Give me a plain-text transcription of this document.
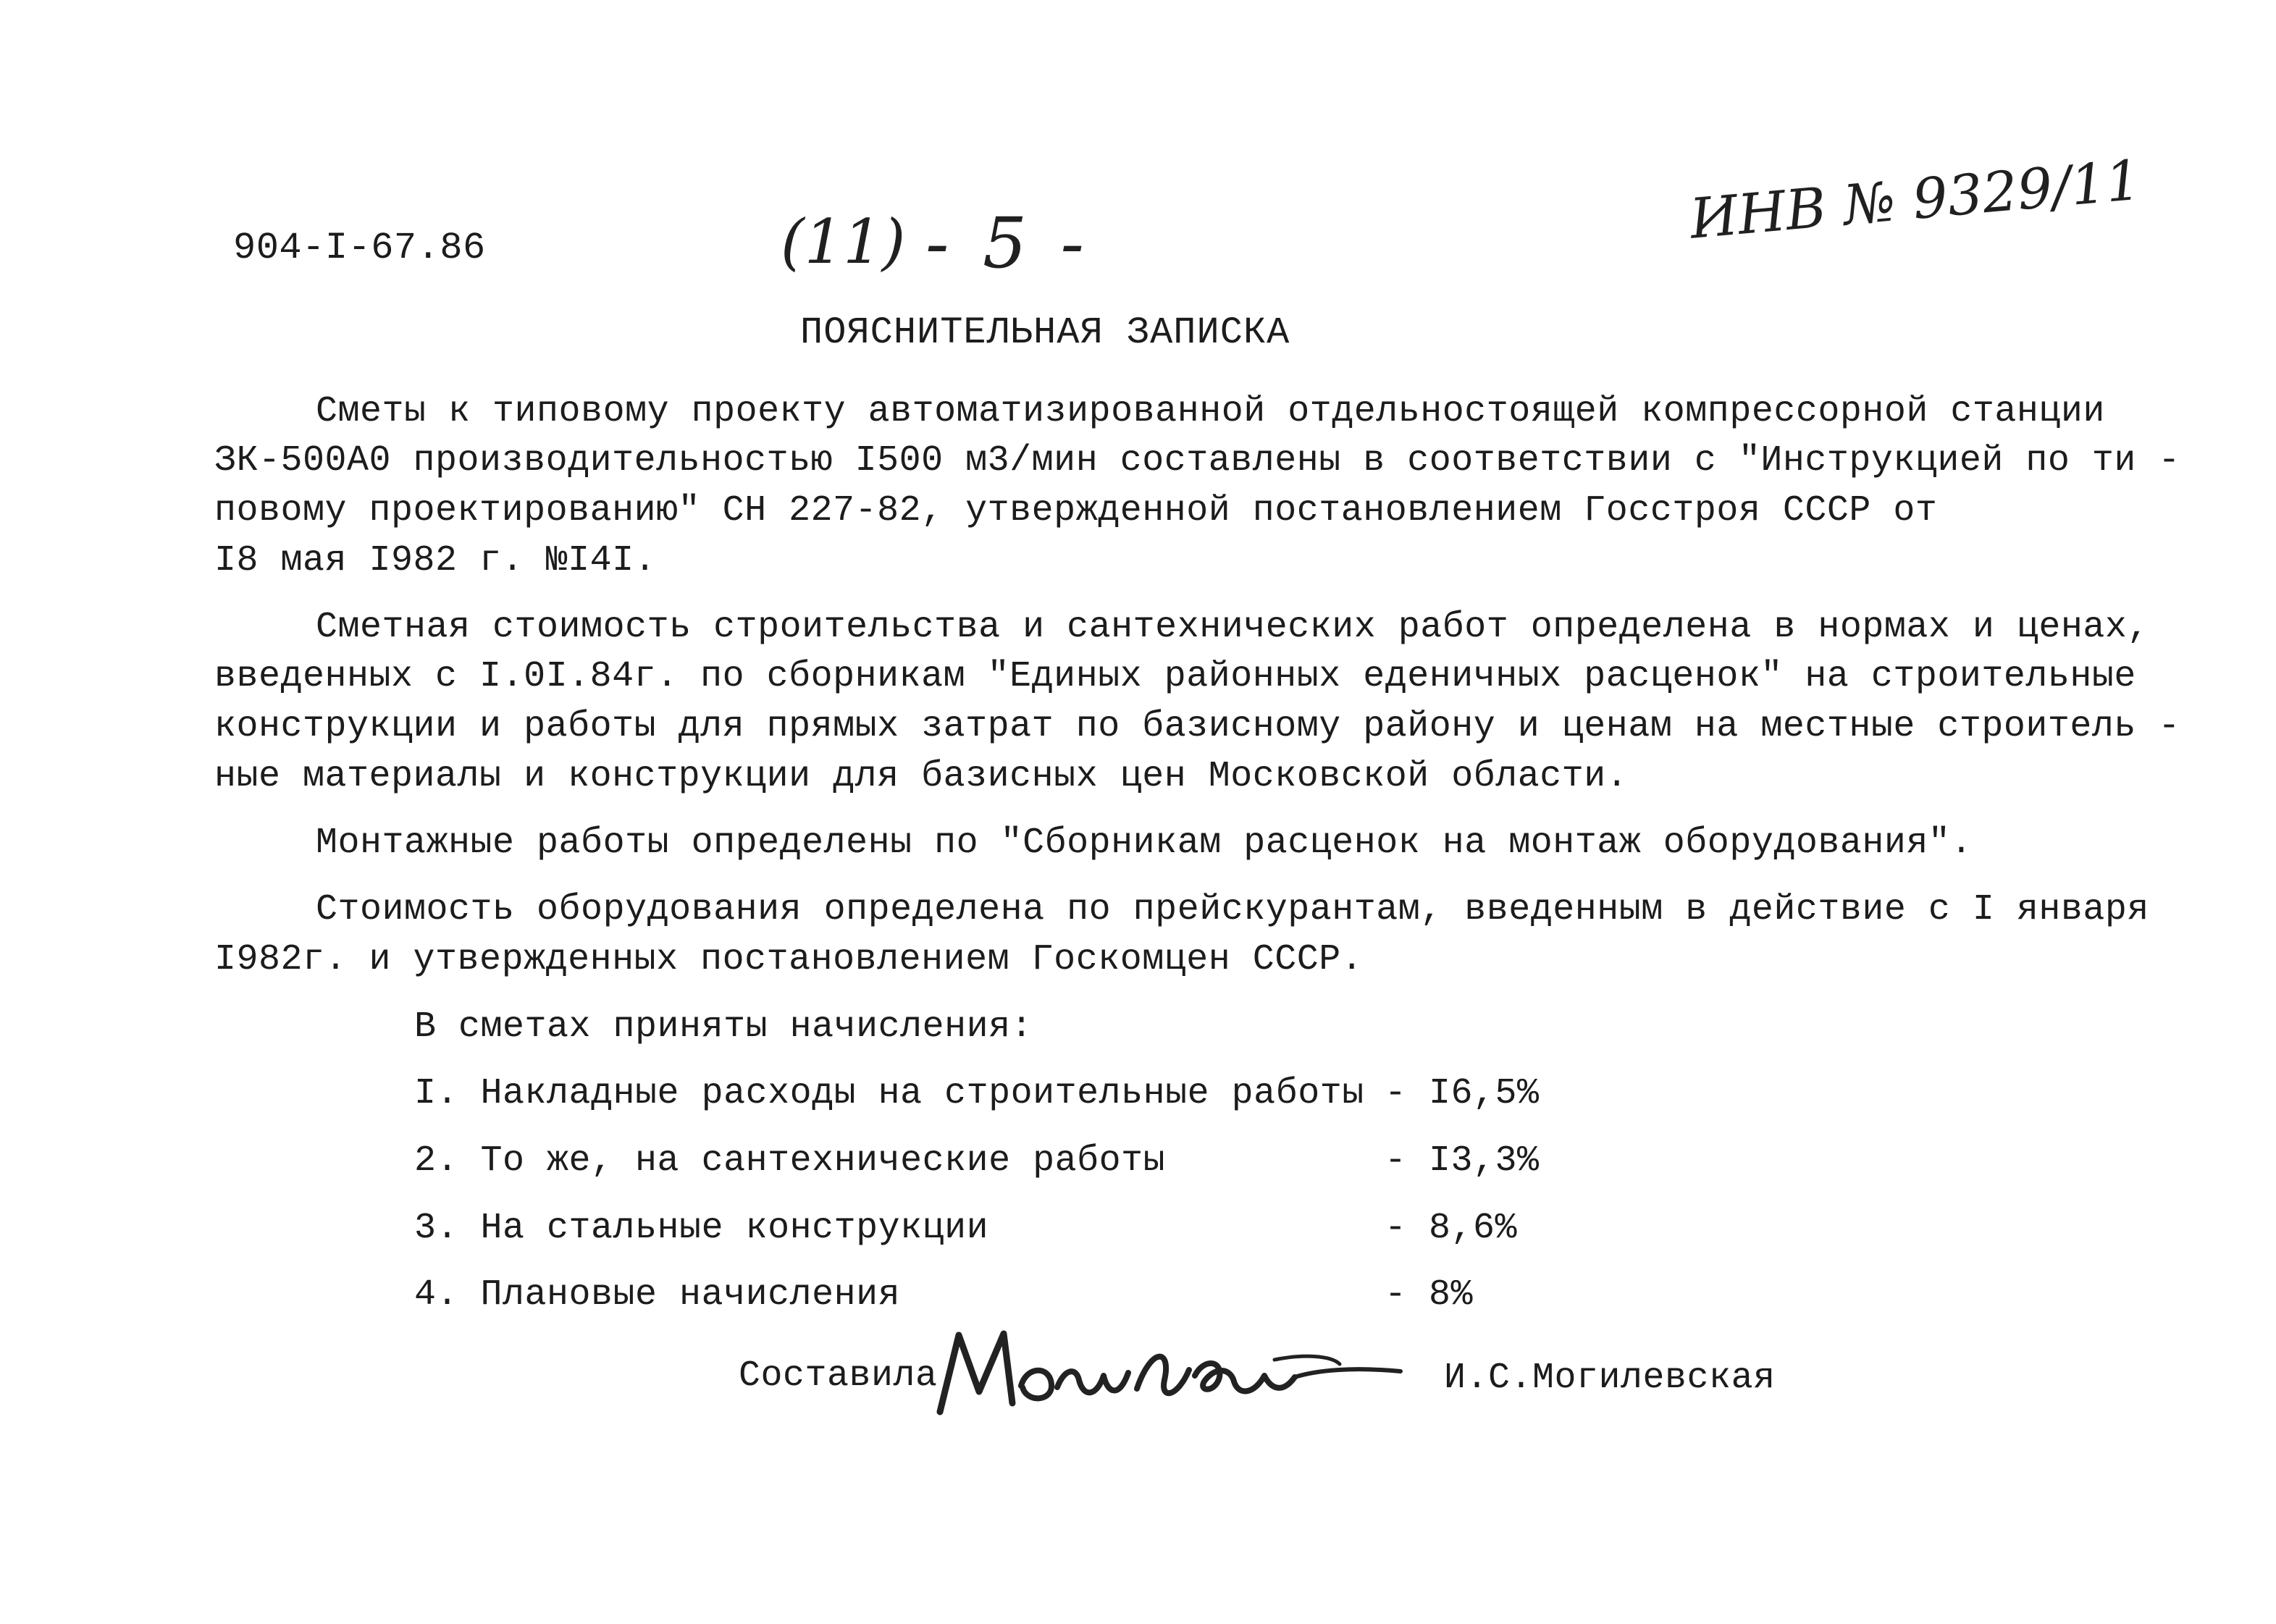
904-I-67.86	(11) - 5 -	ИНВ № 9329/11
ПОЯСНИТЕЛЬНАЯ ЗАПИСКА
Сметы к типовому проекту автоматизированной отдельностоящей компрессорной станции
ЗК-500А0 производительностью I500 м3/мин составлены в соответствии с "Инструкцией по ти -
повому проектированию" СН 227-82, утвержденной постановлением Госстроя СССР от
I8 мая I982 г. №I4I.
Сметная стоимость строительства и сантехнических работ определена в нормах и ценах,
введенных с I.0I.84г. по сборникам "Единых районных еденичных расценок" на строительные
конструкции и работы для прямых затрат по базисному району и ценам на местные строитель -
ные материалы и конструкции для базисных цен Московской области.
Монтажные работы определены по "Сборникам расценок на монтаж оборудования".
Стоимость оборудования определена по прейскурантам, введенным в действие с I января
I982г. и утвержденных постановлением Госкомцен СССР.
В сметах приняты начисления:
I. Накладные расходы на строительные работы - I6,5%
2. То же, на сантехнические работы	- I3,3%
3. На стальные конструкции	- 8,6%
4. Плановые начисления	- 8%
Составила	И.С.Могилевская
